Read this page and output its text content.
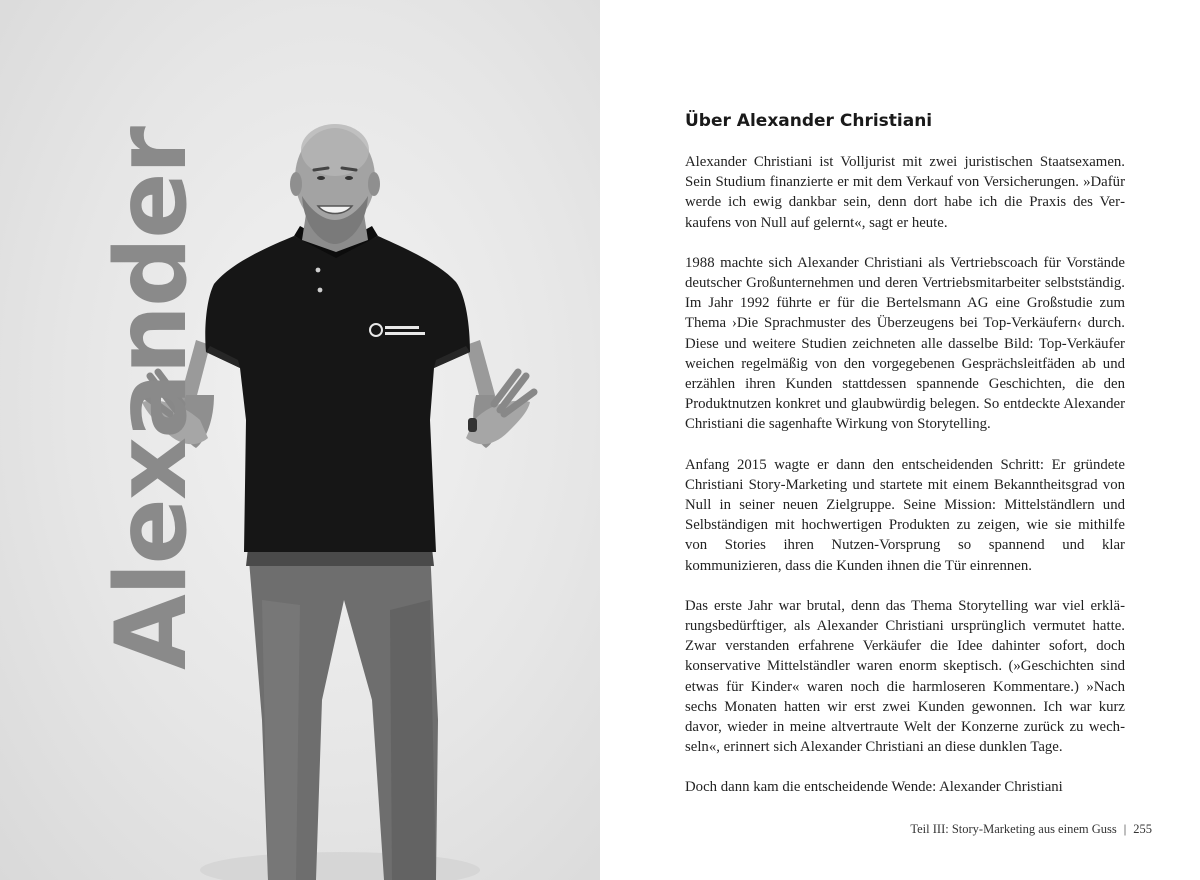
Alexander
Über Alexander Christiani

Alexander Christiani ist Volljurist mit zwei juristischen Staatsexamen. Sein Studium finanzierte er mit dem Verkauf von Versicherungen. »Dafür werde ich ewig dankbar sein, denn dort habe ich die Praxis des Verkaufens von Null auf gelernt«, sagt er heute.

1988 machte sich Alexander Christiani als Vertriebscoach für Vorstände deutscher Großunternehmen und deren Vertriebsmitarbeiter selbstständig. Im Jahr 1992 führte er für die Bertelsmann AG eine Großstudie zum Thema ›Die Sprachmuster des Überzeugens bei Top-Verkäufern‹ durch. Diese und weitere Studien zeichneten alle dasselbe Bild: Top-Verkäufer weichen regelmäßig von den vorgegebenen Gesprächsleitfäden ab und erzählen ihren Kunden stattdessen spannende Geschichten, die den Produktnutzen konkret und glaubwürdig belegen. So entdeckte Alexander Christiani die sagenhafte Wirkung von Storytelling.

Anfang 2015 wagte er dann den entscheidenden Schritt: Er gründete Christiani Story-Marketing und startete mit einem Bekanntheitsgrad von Null in seiner neuen Zielgruppe. Seine Mission: Mittelständlern und Selbständigen mit hochwertigen Produkten zu zeigen, wie sie mithilfe von Stories ihren Nutzen-Vorsprung so spannend und klar kommunizieren, dass die Kunden ihnen die Tür einrennen.

Das erste Jahr war brutal, denn das Thema Storytelling war viel erklärungsbedürftiger, als Alexander Christiani ursprünglich vermutet hatte. Zwar verstanden erfahrene Verkäufer die Idee dahinter sofort, doch konservative Mittelständler waren enorm skeptisch. (»Geschichten sind etwas für Kinder« waren noch die harmloseren Kommentare.) »Nach sechs Monaten hatten wir erst zwei Kunden gewonnen. Ich war kurz davor, wieder in meine altvertraute Welt der Konzerne zurück zu wechseln«, erinnert sich Alexander Christiani an diese dunklen Tage.

Doch dann kam die entscheidende Wende: Alexander Christiani

Teil III: Story-Marketing aus einem Guss | 255
